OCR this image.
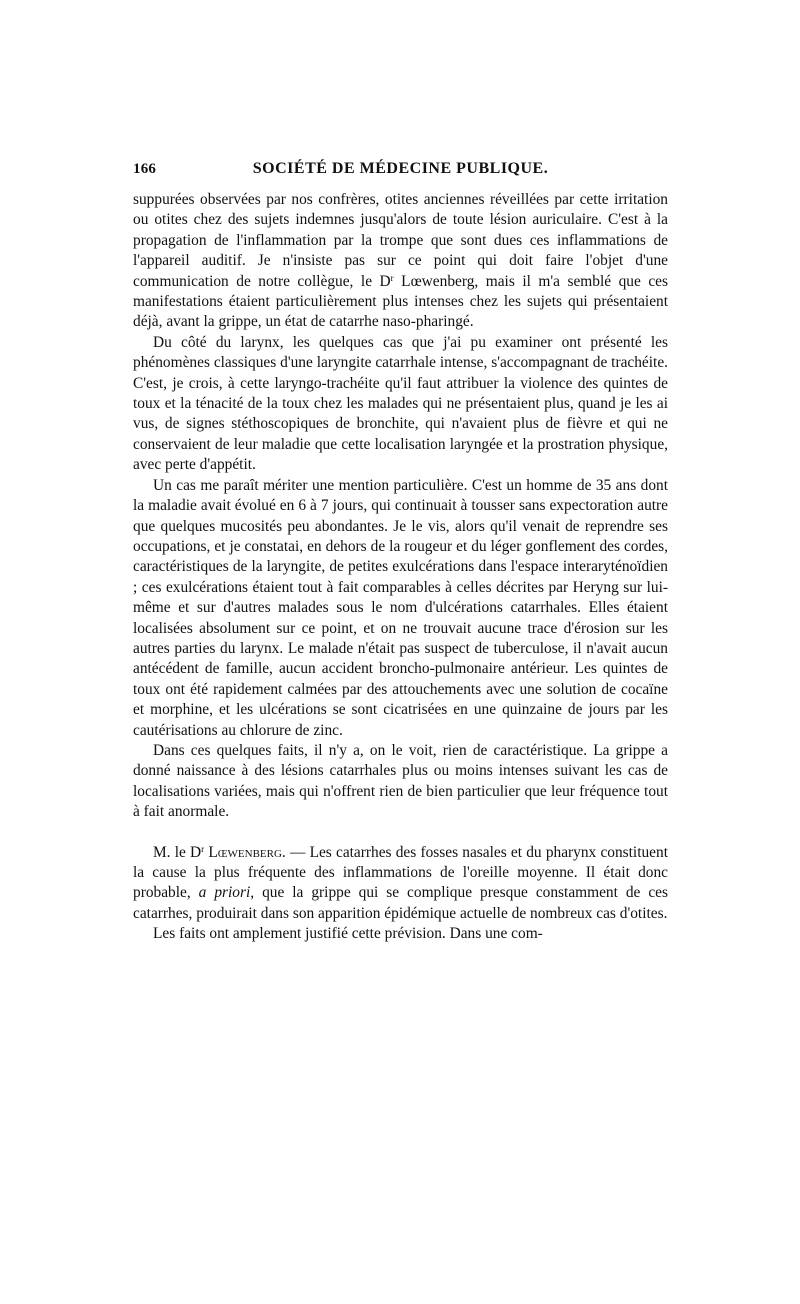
166	SOCIÉTÉ DE MÉDECINE PUBLIQUE.

suppurées observées par nos confrères, otites anciennes réveillées par cette irritation ou otites chez des sujets indemnes jusqu'alors de toute lésion auriculaire. C'est à la propagation de l'inflammation par la trompe que sont dues ces inflammations de l'appareil auditif. Je n'insiste pas sur ce point qui doit faire l'objet d'une communication de notre collègue, le $D^r$ Lœwenberg, mais il m'a semblé que ces manifestations étaient particulièrement plus intenses chez les sujets qui présentaient déjà, avant la grippe, un état de catarrhe naso-pharingé.

Du côté du larynx, les quelques cas que j'ai pu examiner ont présenté les phénomènes classiques d'une laryngite catarrhale intense, s'accompagnant de trachéite. C'est, je crois, à cette laryngo-trachéite qu'il faut attribuer la violence des quintes de toux et la ténacité de la toux chez les malades qui ne présentaient plus, quand je les ai vus, de signes stéthoscopiques de bronchite, qui n'avaient plus de fièvre et qui ne conservaient de leur maladie que cette localisation laryngée et la prostration physique, avec perte d'appétit.

Un cas me paraît mériter une mention particulière. C'est un homme de 35 ans dont la maladie avait évolué en 6 à 7 jours, qui continuait à tousser sans expectoration autre que quelques mucosités peu abondantes. Je le vis, alors qu'il venait de reprendre ses occupations, et je constatai, en dehors de la rougeur et du léger gonflement des cordes, caractéristiques de la laryngite, de petites exulcérations dans l'espace interaryténoïdien ; ces exulcérations étaient tout à fait comparables à celles décrites par Heryng sur lui-même et sur d'autres malades sous le nom d'ulcérations catarrhales. Elles étaient localisées absolument sur ce point, et on ne trouvait aucune trace d'érosion sur les autres parties du larynx. Le malade n'était pas suspect de tuberculose, il n'avait aucun antécédent de famille, aucun accident broncho-pulmonaire antérieur. Les quintes de toux ont été rapidement calmées par des attouchements avec une solution de cocaïne et morphine, et les ulcérations se sont cicatrisées en une quinzaine de jours par les cautérisations au chlorure de zinc.

Dans ces quelques faits, il n'y a, on le voit, rien de caractéristique. La grippe a donné naissance à des lésions catarrhales plus ou moins intenses suivant les cas de localisations variées, mais qui n'offrent rien de bien particulier que leur fréquence tout à fait anormale.

M. le $D^r$ Lœwenberg. — Les catarrhes des fosses nasales et du pharynx constituent la cause la plus fréquente des inflammations de l'oreille moyenne. Il était donc probable, a priori, que la grippe qui se complique presque constamment de ces catarrhes, produirait dans son apparition épidémique actuelle de nombreux cas d'otites.

Les faits ont amplement justifié cette prévision. Dans une com-
